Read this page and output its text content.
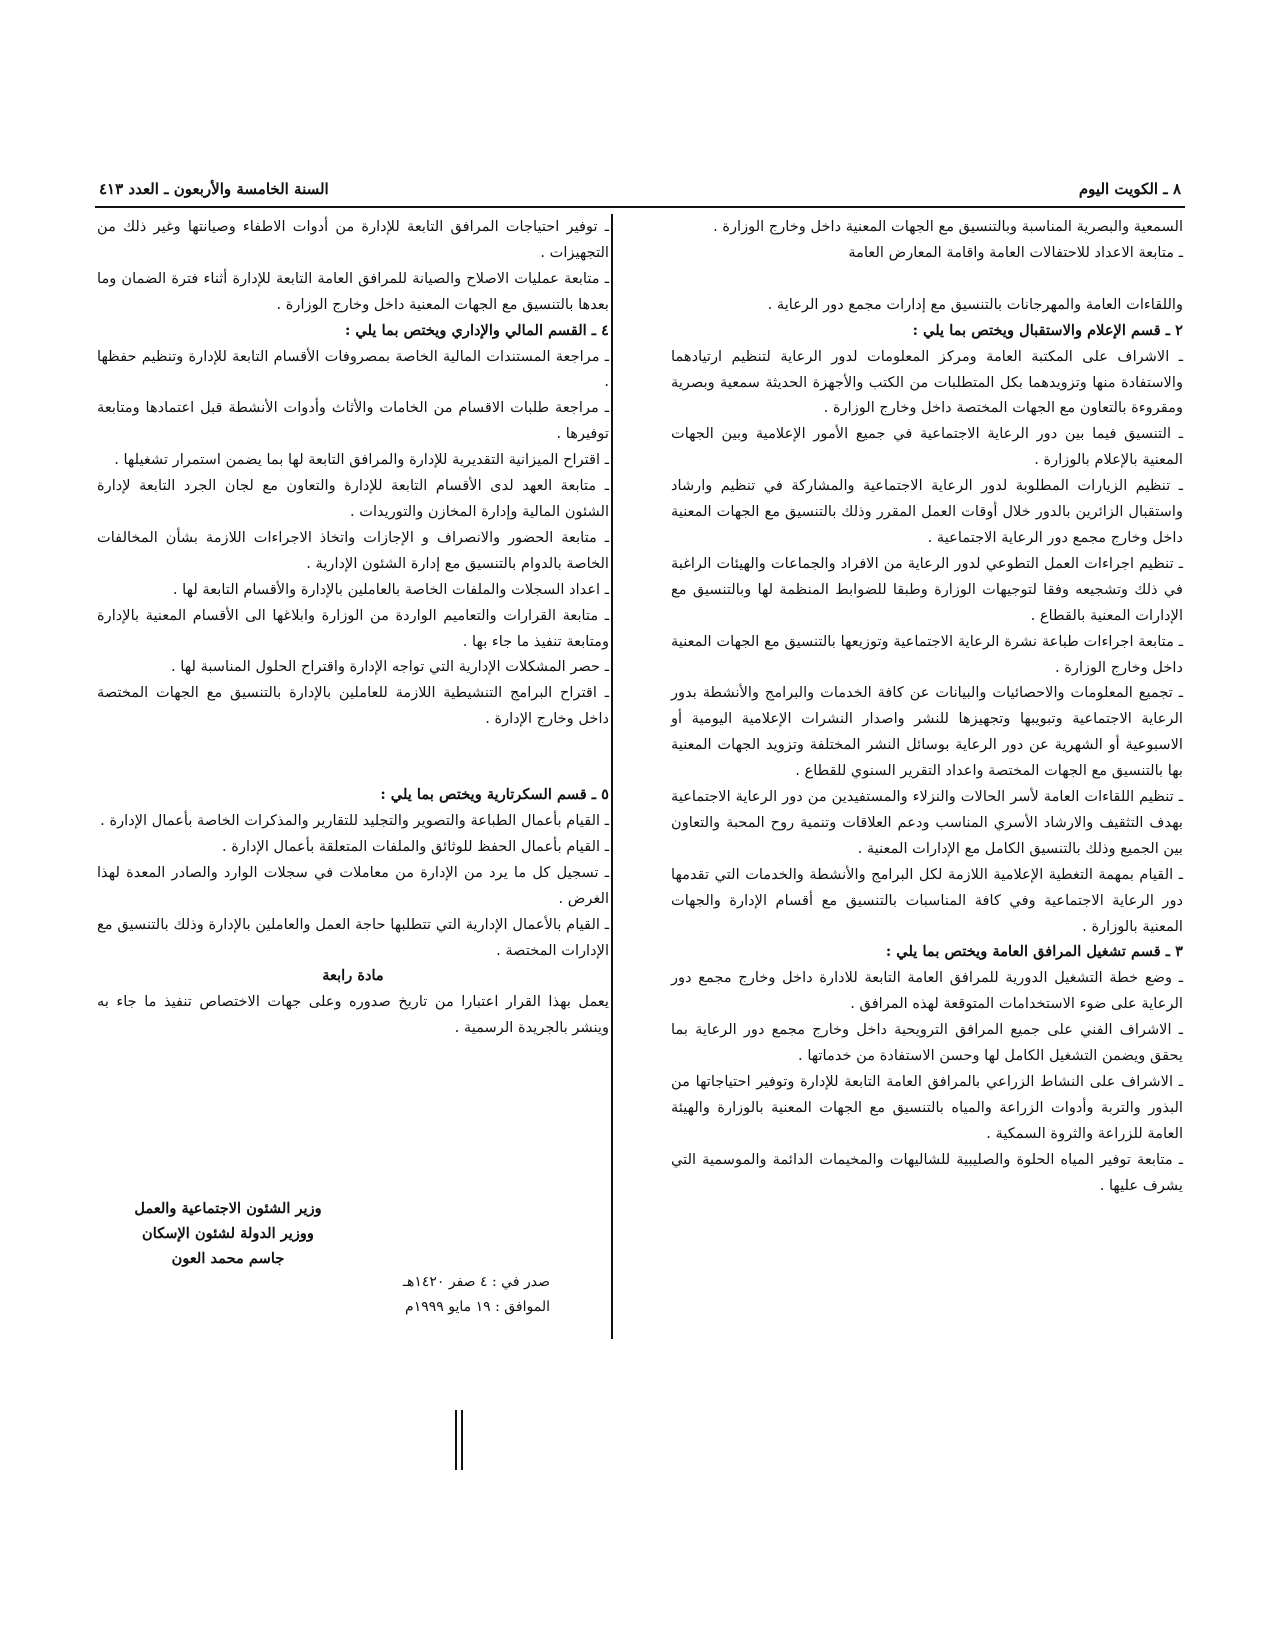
٨ ـ الكويت اليوم
السنة الخامسة والأربعون ـ العدد ٤١٣

السمعية والبصرية المناسبة وبالتنسيق مع الجهات المعنية داخل وخارج الوزارة .

ـ متابعة الاعداد للاحتفالات العامة واقامة المعارض العامة

واللقاءات العامة والمهرجانات بالتنسيق مع إدارات مجمع دور الرعاية .

٢ ـ قسم الإعلام والاستقبال ويختص بما يلي :

ـ الاشراف على المكتبة العامة ومركز المعلومات لدور الرعاية لتنظيم ارتيادهما والاستفادة منها وتزويدهما بكل المتطلبات من الكتب والأجهزة الحديثة سمعية وبصرية ومقروءة بالتعاون مع الجهات المختصة داخل وخارج الوزارة .

ـ التنسيق فيما بين دور الرعاية الاجتماعية في جميع الأمور الإعلامية وبين الجهات المعنية بالإعلام بالوزارة .

ـ تنظيم الزيارات المطلوبة لدور الرعاية الاجتماعية والمشاركة في تنظيم وارشاد واستقبال الزائرين بالدور خلال أوقات العمل المقرر وذلك بالتنسيق مع الجهات المعنية داخل وخارج مجمع دور الرعاية الاجتماعية .

ـ تنظيم اجراءات العمل التطوعي لدور الرعاية من الافراد والجماعات والهيئات الراغبة في ذلك وتشجيعه وفقا لتوجيهات الوزارة وطبقا للضوابط المنظمة لها وبالتنسيق مع الإدارات المعنية بالقطاع .

ـ متابعة اجراءات طباعة نشرة الرعاية الاجتماعية وتوزيعها بالتنسيق مع الجهات المعنية داخل وخارج الوزارة .

ـ تجميع المعلومات والاحصائيات والبيانات عن كافة الخدمات والبرامج والأنشطة بدور الرعاية الاجتماعية وتبويبها وتجهيزها للنشر واصدار النشرات الإعلامية اليومية أو الاسبوعية أو الشهرية عن دور الرعاية بوسائل النشر المختلفة وتزويد الجهات المعنية بها بالتنسيق مع الجهات المختصة واعداد التقرير السنوي للقطاع .

ـ تنظيم اللقاءات العامة لأسر الحالات والنزلاء والمستفيدين من دور الرعاية الاجتماعية بهدف التثقيف والارشاد الأسري المناسب ودعم العلاقات وتنمية روح المحبة والتعاون بين الجميع وذلك بالتنسيق الكامل مع الإدارات المعنية .

ـ القيام بمهمة التغطية الإعلامية اللازمة لكل البرامج والأنشطة والخدمات التي تقدمها دور الرعاية الاجتماعية وفي كافة المناسبات بالتنسيق مع أقسام الإدارة والجهات المعنية بالوزارة .

٣ ـ قسم تشغيل المرافق العامة ويختص بما يلي :

ـ وضع خطة التشغيل الدورية للمرافق العامة التابعة للادارة داخل وخارج مجمع دور الرعاية على ضوء الاستخدامات المتوقعة لهذه المرافق .

ـ الاشراف الفني على جميع المرافق الترويحية داخل وخارج مجمع دور الرعاية بما يحقق ويضمن التشغيل الكامل لها وحسن الاستفادة من خدماتها .

ـ الاشراف على النشاط الزراعي بالمرافق العامة التابعة للإدارة وتوفير احتياجاتها من البذور والتربة وأدوات الزراعة والمياه بالتنسيق مع الجهات المعنية بالوزارة والهيئة العامة للزراعة والثروة السمكية .

ـ متابعة توفير المياه الحلوة والصليبية للشاليهات والمخيمات الدائمة والموسمية التي يشرف عليها .

ـ توفير احتياجات المرافق التابعة للإدارة من أدوات الاطفاء وصيانتها وغير ذلك من التجهيزات .

ـ متابعة عمليات الاصلاح والصيانة للمرافق العامة التابعة للإدارة أثناء فترة الضمان وما بعدها بالتنسيق مع الجهات المعنية داخل وخارج الوزارة .

٤ ـ القسم المالي والإداري ويختص بما يلي :

ـ مراجعة المستندات المالية الخاصة بمصروفات الأقسام التابعة للإدارة وتنظيم حفظها .

ـ مراجعة طلبات الاقسام من الخامات والأثاث وأدوات الأنشطة قبل اعتمادها ومتابعة توفيرها .

ـ اقتراح الميزانية التقديرية للإدارة والمرافق التابعة لها بما يضمن استمرار تشغيلها .

ـ متابعة العهد لدى الأقسام التابعة للإدارة والتعاون مع لجان الجرد التابعة لإدارة الشئون المالية وإدارة المخازن والتوريدات .

ـ متابعة الحضور والانصراف و الإجازات واتخاذ الاجراءات اللازمة بشأن المخالفات الخاصة بالدوام بالتنسيق مع إدارة الشئون الإدارية .

ـ اعداد السجلات والملفات الخاصة بالعاملين بالإدارة والأقسام التابعة لها .

ـ متابعة القرارات والتعاميم الواردة من الوزارة وابلاغها الى الأقسام المعنية بالإدارة ومتابعة تنفيذ ما جاء بها .

ـ حصر المشكلات الإدارية التي تواجه الإدارة واقتراح الحلول المناسبة لها .

ـ اقتراح البرامج التنشيطية اللازمة للعاملين بالإدارة بالتنسيق مع الجهات المختصة داخل وخارج الإدارة .

٥ ـ قسم السكرتارية ويختص بما يلي :

ـ القيام بأعمال الطباعة والتصوير والتجليد للتقارير والمذكرات الخاصة بأعمال الإدارة .

ـ القيام بأعمال الحفظ للوثائق والملفات المتعلقة بأعمال الإدارة .

ـ تسجيل كل ما يرد من الإدارة من معاملات في سجلات الوارد والصادر المعدة لهذا الغرض .

ـ القيام بالأعمال الإدارية التي تتطلبها حاجة العمل والعاملين بالإدارة وذلك بالتنسيق مع الإدارات المختصة .

مادة رابعة

يعمل بهذا القرار اعتبارا من تاريخ صدوره وعلى جهات الاختصاص تنفيذ ما جاء به وينشر بالجريدة الرسمية .

وزير الشئون الاجتماعية والعمل
ووزير الدولة لشئون الإسكان
جاسم محمد العون
صدر في : ٤ صفر ١٤٢٠هـ
الموافق : ١٩ مايو ١٩٩٩م
